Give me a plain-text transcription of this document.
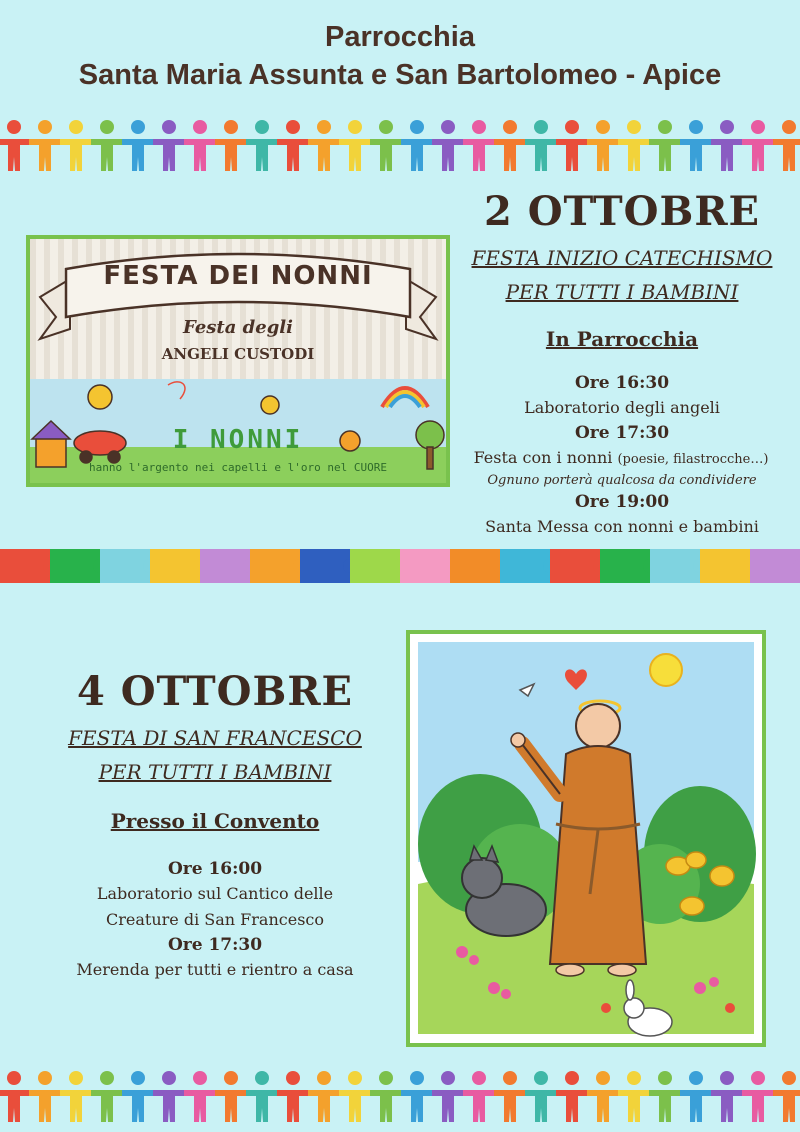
Parrocchia
Santa Maria Assunta e San Bartolomeo - Apice
FESTA DEI NONNI
Festa degli
ANGELI CUSTODI
I NONNI
hanno l'argento nei capelli e l'oro nel CUORE
2 OTTOBRE
FESTA INIZIO CATECHISMO
PER TUTTI I BAMBINI
In Parrocchia
Ore 16:30
Laboratorio degli angeli
Ore 17:30
Festa con i nonni (poesie, filastrocche…)
Ognuno porterà qualcosa da condividere
Ore 19:00
Santa Messa con nonni e bambini
4 OTTOBRE
FESTA DI SAN FRANCESCO
PER TUTTI I BAMBINI
Presso il Convento
Ore 16:00
Laboratorio sul Cantico delle
Creature di San Francesco
Ore 17:30
Merenda per tutti e rientro a casa
